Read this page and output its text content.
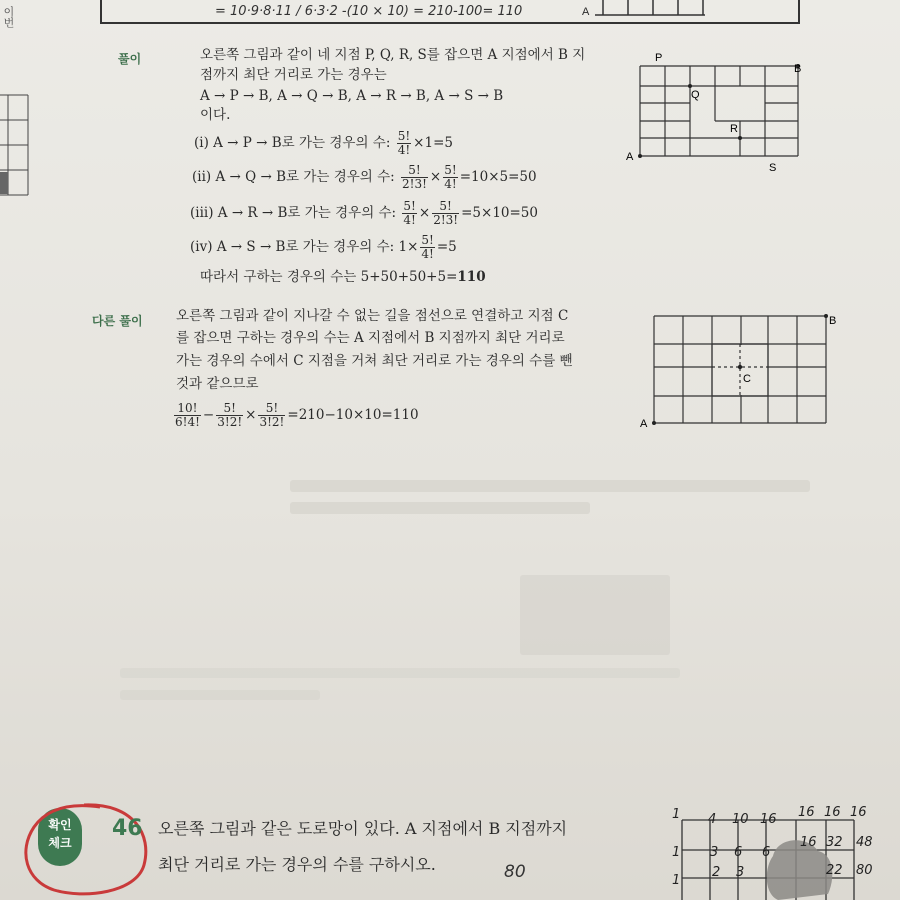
= 10·9·8·11 / 6·3·2 -(10 × 10) = 210-100= 110	A
이번
풀이	오른쪽 그림과 같이 네 지점 P, Q, R, S를 잡으면 A 지점에서 B 지
점까지 최단 거리로 가는 경우는
A → P → B, A → Q → B, A → R → B, A → S → B
이다.
(i) A → P → B로 가는 경우의 수: $\frac{5!}{4!} \times 1=5$
(ii) A → Q → B로 가는 경우의 수: $\frac{5!}{2!3!} \times \frac{5!}{4!} =10\times 5=50$
(iii) A → R → B로 가는 경우의 수: $\frac{5!}{4!} \times \frac{5!}{2!3!} =5\times 10=50$
(iv) A → S → B로 가는 경우의 수: $1\times \frac{5!}{4!} =5$
따라서 구하는 경우의 수는 5+50+50+5=110
P
B
Q
R
A
S
다른 풀이 오른쪽 그림과 같이 지나갈 수 없는 길을 점선으로 연결하고 지점 C
를 잡으면 구하는 경우의 수는 A 지점에서 B 지점까지 최단 거리로
가는 경우의 수에서 C 지점을 거쳐 최단 거리로 가는 경우의 수를 뺀
것과 같으므로
$\frac{10!}{6!4!} - \frac{5!}{3!2!} \times \frac{5!}{3!2!} =210-10\times 10=110$
B
C
A
확인
체크
46 오른쪽 그림과 같은 도로망이 있다. A 지점에서 B 지점까지
최단 거리로 가는 경우의 수를 구하시오.	80
1 4 10 16 16 16 16
1 3 6 6
16 32 48
1
2 3	22 80
